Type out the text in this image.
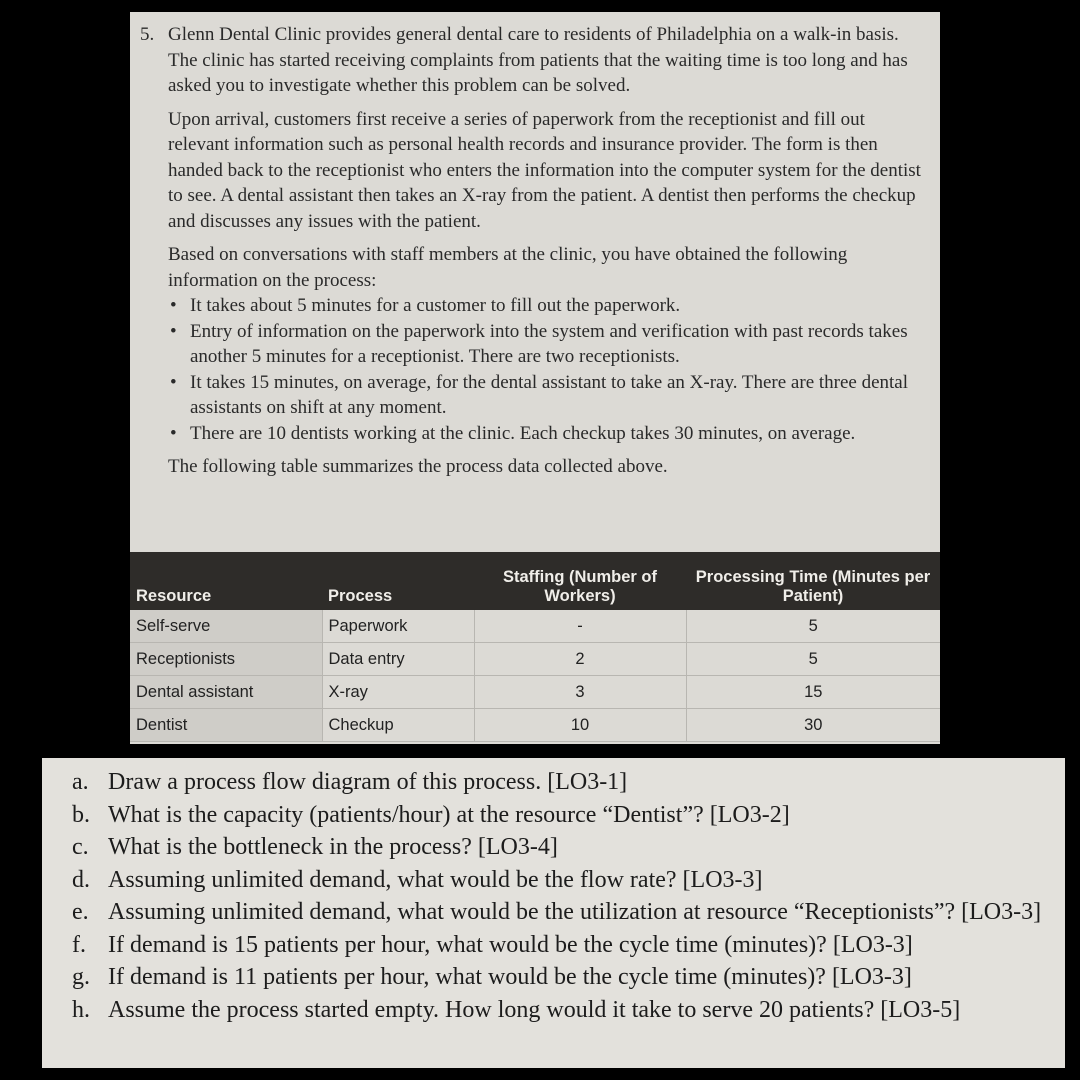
5. Glenn Dental Clinic provides general dental care to residents of Philadelphia on a walk-in basis. The clinic has started receiving complaints from patients that the waiting time is too long and has asked you to investigate whether this problem can be solved.

Upon arrival, customers first receive a series of paperwork from the receptionist and fill out relevant information such as personal health records and insurance provider. The form is then handed back to the receptionist who enters the information into the computer system for the dentist to see. A dental assistant then takes an X-ray from the patient. A dentist then performs the checkup and discusses any issues with the patient.

Based on conversations with staff members at the clinic, you have obtained the following information on the process:

• It takes about 5 minutes for a customer to fill out the paperwork.
• Entry of information on the paperwork into the system and verification with past records takes another 5 minutes for a receptionist. There are two receptionists.
• It takes 15 minutes, on average, for the dental assistant to take an X-ray. There are three dental assistants on shift at any moment.
• There are 10 dentists working at the clinic. Each checkup takes 30 minutes, on average.

The following table summarizes the process data collected above.

Resource	Process	Staffing (Number of Workers)	Processing Time (Minutes per Patient)
Self-serve	Paperwork	-	5
Receptionists	Data entry	2	5
Dental assistant	X-ray	3	15
Dentist	Checkup	10	30
a. Draw a process flow diagram of this process. [LO3-1]
b. What is the capacity (patients/hour) at the resource “Dentist”? [LO3-2]
c. What is the bottleneck in the process? [LO3-4]
d. Assuming unlimited demand, what would be the flow rate? [LO3-3]
e. Assuming unlimited demand, what would be the utilization at resource “Receptionists”? [LO3-3]
f. If demand is 15 patients per hour, what would be the cycle time (minutes)? [LO3-3]
g. If demand is 11 patients per hour, what would be the cycle time (minutes)? [LO3-3]
h. Assume the process started empty. How long would it take to serve 20 patients? [LO3-5]
